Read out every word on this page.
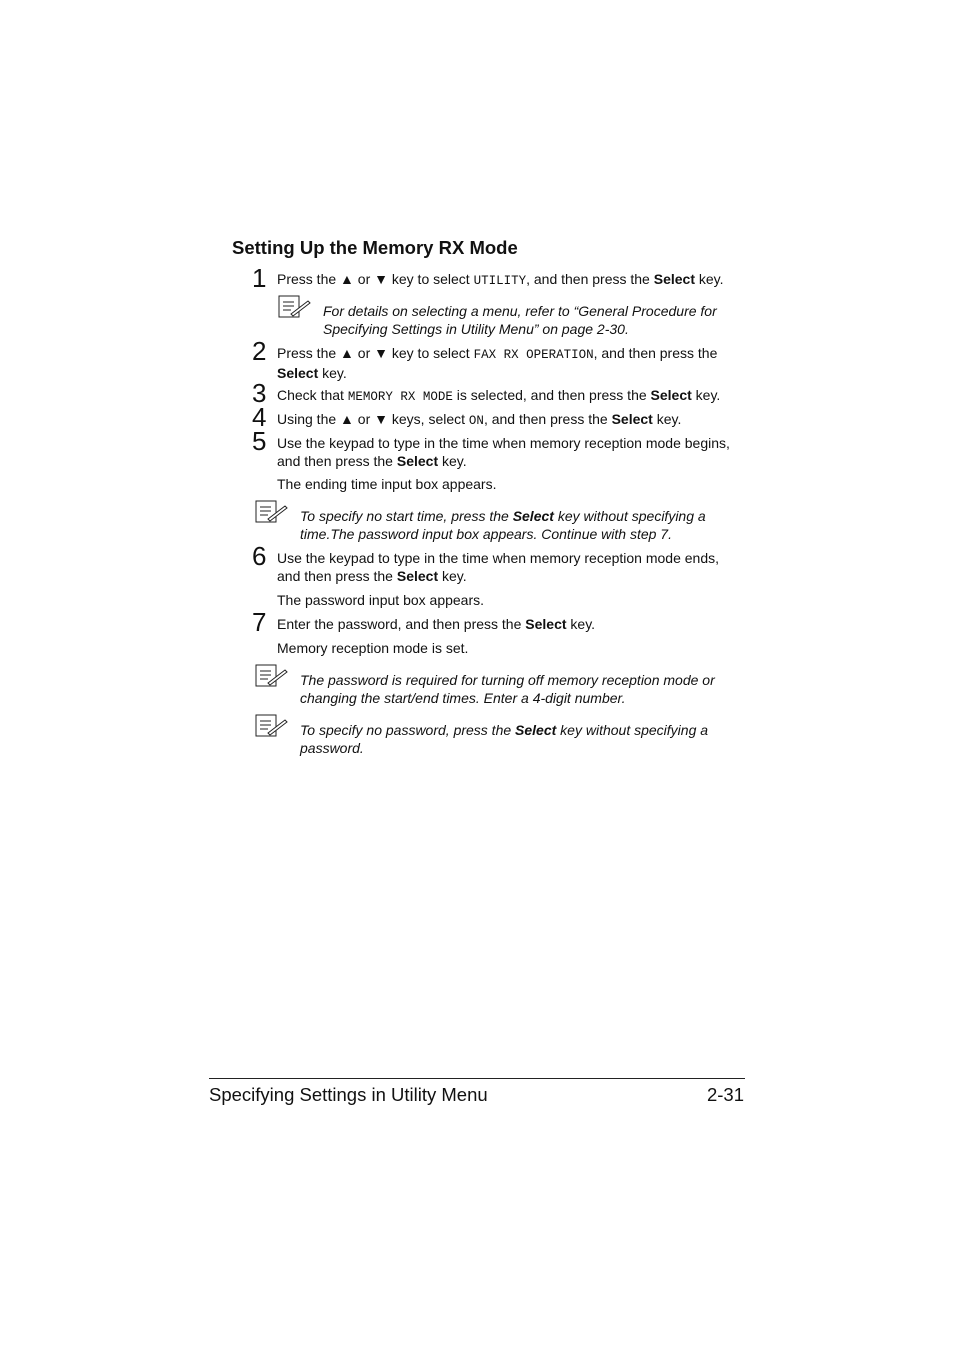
Setting Up the Memory RX Mode
1 Press the ▲ or ▼ key to select UTILITY, and then press the Select key.
For details on selecting a menu, refer to “General Procedure for
Specifying Settings in Utility Menu” on page 2-30.
2 Press the ▲ or ▼ key to select FAX RX OPERATION, and then press the
Select key.
3 Check that MEMORY RX MODE is selected, and then press the Select key.
4 Using the ▲ or ▼ keys, select ON, and then press the Select key.
5 Use the keypad to type in the time when memory reception mode begins,
and then press the Select key.
The ending time input box appears.
To specify no start time, press the Select key without specifying a
time.The password input box appears. Continue with step 7.
6 Use the keypad to type in the time when memory reception mode ends,
and then press the Select key.
The password input box appears.
7 Enter the password, and then press the Select key.
Memory reception mode is set.
The password is required for turning off memory reception mode or
changing the start/end times. Enter a 4-digit number.
To specify no password, press the Select key without specifying a
password.
Specifying Settings in Utility Menu	2-31
